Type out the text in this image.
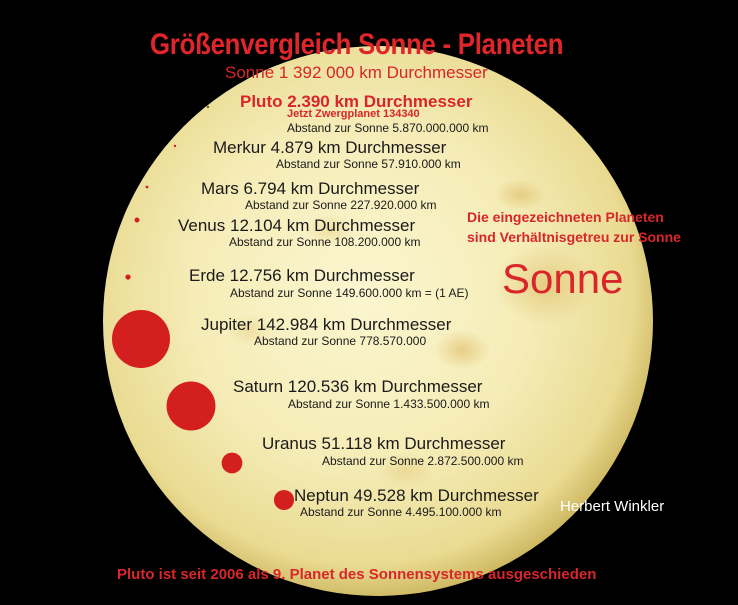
Größenvergleich Sonne - Planeten
Sonne 1 392 000 km Durchmesser
Pluto 2.390 km Durchmesser
Jetzt Zwergplanet 134340
Abstand zur Sonne 5.870.000.000 km
Merkur 4.879 km Durchmesser
Abstand zur Sonne 57.910.000 km
Mars 6.794 km Durchmesser
Abstand zur Sonne 227.920.000 km
Venus 12.104 km Durchmesser
Abstand zur Sonne 108.200.000 km
Erde 12.756 km Durchmesser
Abstand zur Sonne 149.600.000 km = (1 AE)
Jupiter 142.984 km Durchmesser
Abstand zur Sonne 778.570.000
Saturn 120.536 km Durchmesser
Abstand zur Sonne 1.433.500.000 km
Uranus 51.118 km Durchmesser
Abstand zur Sonne 2.872.500.000 km
Neptun 49.528 km Durchmesser
Abstand zur Sonne 4.495.100.000 km
Die eingezeichneten Planeten
sind Verhältnisgetreu zur Sonne
Sonne
Herbert Winkler
Pluto ist seit 2006 als 9. Planet des Sonnensystems ausgeschieden
